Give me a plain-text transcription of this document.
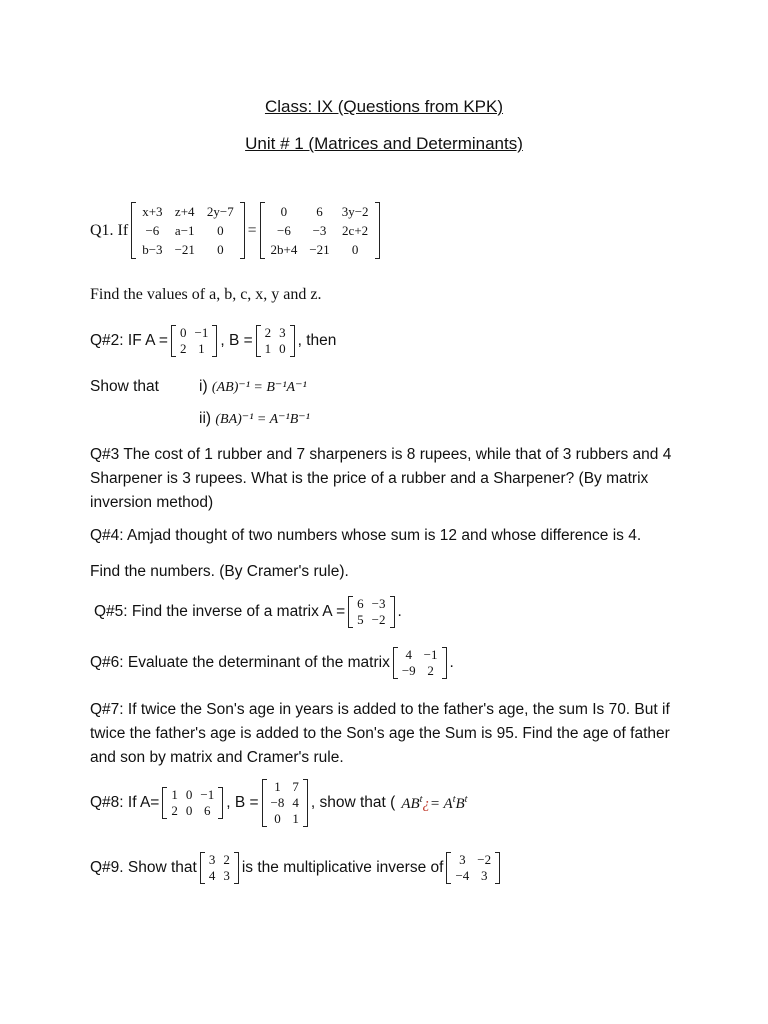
Class: IX (Questions from KPK)
Unit # 1 (Matrices and Determinants)
Q1. If
x+3	z+4	2y−7
−6	a−1	0
b−3	−21	0
=
0	6	3y−2
−6	−3	2c+2
2b+4	−21	0
Find the values of a, b, c, x, y and z.
Q#2: IF A = 0	−1
2	1 , B = 2	3
1	0 , then
Show that	i) (AB)⁻¹ = B⁻¹A⁻¹
ii) (BA)⁻¹ = A⁻¹B⁻¹
Q#3 The cost of 1 rubber and 7 sharpeners is 8 rupees, while that of 3 rubbers and 4 Sharpener is 3 rupees. What is the price of a rubber and a Sharpener? (By matrix inversion method)
Q#4: Amjad thought of two numbers whose sum is 12 and whose difference is 4.
Find the numbers. (By Cramer's rule).
Q#5: Find the inverse of a matrix A = 6	−3
5	−2 .
Q#6: Evaluate the determinant of the matrix 4	−1
−9	2 .
Q#7: If twice the Son's age in years is added to the father's age, the sum Is 70. But if twice the father's age is added to the Son's age the Sum is 95. Find the age of father and son by matrix and Cramer's rule.
Q#8: If A= 1	0	−1
2	0	6 , B =
1	7
−8	4
0	1
, show that ( $AB^t¿= A^tB^t$
Q#9. Show that 3	2
4	3 is the multiplicative inverse of 3	−2
−4	3
